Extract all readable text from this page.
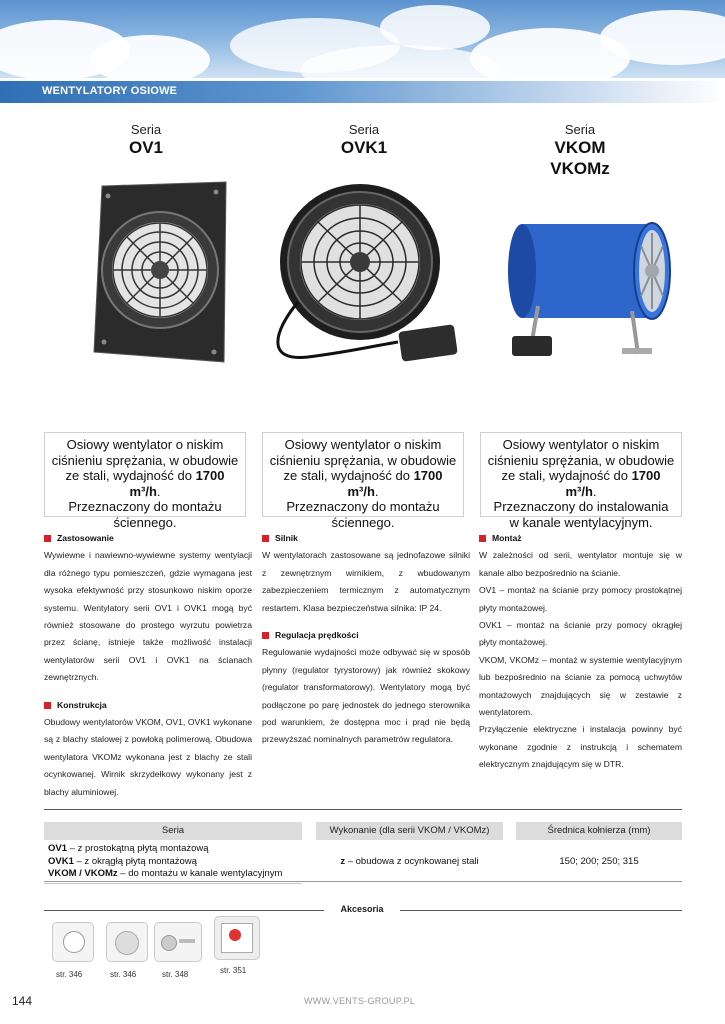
WENTYLATORY OSIOWE
Seria
OV1
Seria
OVK1
Seria
VKOM
VKOMz
Osiowy wentylator o niskim
ciśnieniu sprężania, w obudowie
ze stali, wydajność do 1700 m³/h.
Przeznaczony do montażu
ściennego.
Osiowy wentylator o niskim
ciśnieniu sprężania, w obudowie
ze stali, wydajność do 1700 m³/h.
Przeznaczony do montażu
ściennego.
Osiowy wentylator o niskim
ciśnieniu sprężania, w obudowie
ze stali, wydajność do 1700 m³/h.
Przeznaczony do instalowania
w kanale wentylacyjnym.
Zastosowanie

Wywiewne i nawiewno-wywiewne systemy wentylacji dla różnego typu pomieszczeń, gdzie wymagana jest wysoka efektywność przy stosunkowo niskim oporze systemu. Wentylatory serii OV1 i OVK1 mogą być również stosowane do prostego wyrzutu powietrza przez ścianę, istnieje także możliwość instalacji wentylatorów serii OV1 i OVK1 na ścianach zewnętrznych.

Konstrukcja

Obudowy wentylatorów VKOM, OV1, OVK1 wykonane są z blachy stalowej z powłoką polimerową. Obudowa wentylatora VKOMz wykonana jest z blachy ze stali ocynkowanej. Wirnik skrzydełkowy wykonany jest z blachy aluminiowej.

Silnik

W wentylatorach zastosowane są jednofazowe silniki z zewnętrznym wirnikiem, z wbudowanym zabezpieczeniem termicznym z automatycznym restartem. Klasa bezpieczeństwa silnika: IP 24.

Regulacja prędkości

Regulowanie wydajności może odbywać się w sposób płynny (regulator tyrystorowy) jak również skokowy (regulator transformatorowy). Wentylatory mogą być podłączone po parę jednostek do jednego sterownika pod warunkiem, że dostępna moc i prąd nie będą przewyższać nominalnych parametrów regulatora.

Montaż

W zależności od serii, wentylator montuje się w kanale albo bezpośrednio na ścianie.

OV1 – montaż na ścianie przy pomocy prostokątnej płyty montażowej.

OVK1 – montaż na ścianie przy pomocy okrągłej płyty montażowej.

VKOM, VKOMz – montaż w systemie wentylacyjnym lub bezpośrednio na ścianie za pomocą uchwytów montażowych znajdujących się w zestawie z wentylatorem.

Przyłączenie elektryczne i instalacja powinny być wykonane zgodnie z instrukcją i schematem elektrycznym znajdującym się w DTR.

Seria	Wykonanie (dla serii VKOM / VKOMz)	Średnica kołnierza (mm)
OV1 – z prostokątną płytą montażową
OVK1 – z okrągłą płytą montażową
VKOM / VKOMz – do montażu w kanale wentylacyjnym
z – obudowa z ocynkowanej stali	150; 200; 250; 315
Akcesoria
str. 346	str. 346	str. 348	str. 351
144	WWW.VENTS-GROUP.PL
